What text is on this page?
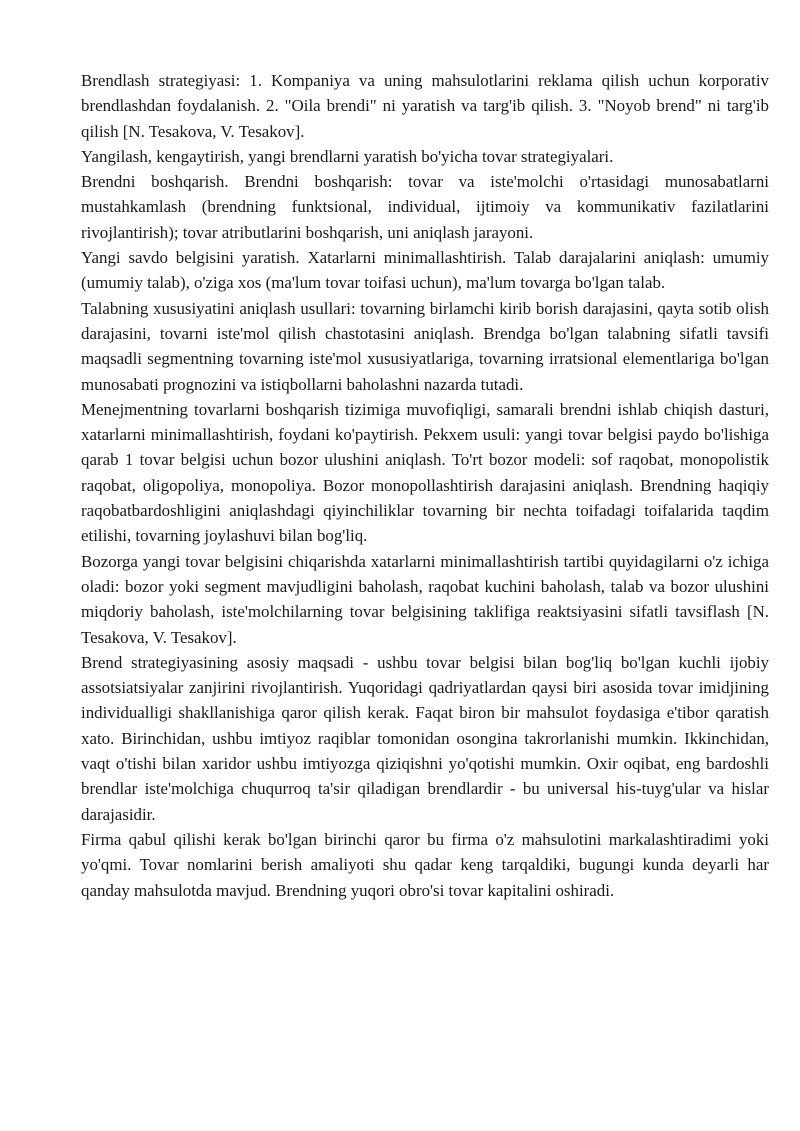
Brendlash strategiyasi: 1. Kompaniya va uning mahsulotlarini reklama qilish uchun korporativ brendlashdan foydalanish. 2. "Oila brendi" ni yaratish va targ'ib qilish. 3. "Noyob brend" ni targ'ib qilish [N. Tesakova, V. Tesakov].

Yangilash, kengaytirish, yangi brendlarni yaratish bo'yicha tovar strategiyalari.

Brendni boshqarish. Brendni boshqarish: tovar va iste'molchi o'rtasidagi munosabatlarni mustahkamlash (brendning funktsional, individual, ijtimoiy va kommunikativ fazilatlarini rivojlantirish); tovar atributlarini boshqarish, uni aniqlash jarayoni.

Yangi savdo belgisini yaratish. Xatarlarni minimallashtirish. Talab darajalarini aniqlash: umumiy (umumiy talab), o'ziga xos (ma'lum tovar toifasi uchun), ma'lum tovarga bo'lgan talab.

Talabning xususiyatini aniqlash usullari: tovarning birlamchi kirib borish darajasini, qayta sotib olish darajasini, tovarni iste'mol qilish chastotasini aniqlash. Brendga bo'lgan talabning sifatli tavsifi maqsadli segmentning tovarning iste'mol xususiyatlariga, tovarning irratsional elementlariga bo'lgan munosabati prognozini va istiqbollarni baholashni nazarda tutadi.

Menejmentning tovarlarni boshqarish tizimiga muvofiqligi, samarali brendni ishlab chiqish dasturi, xatarlarni minimallashtirish, foydani ko'paytirish. Pekxem usuli: yangi tovar belgisi paydo bo'lishiga qarab 1 tovar belgisi uchun bozor ulushini aniqlash. To'rt bozor modeli: sof raqobat, monopolistik raqobat, oligopoliya, monopoliya. Bozor monopollashtirish darajasini aniqlash. Brendning haqiqiy raqobatbardoshligini aniqlashdagi qiyinchiliklar tovarning bir nechta toifadagi toifalarida taqdim etilishi, tovarning joylashuvi bilan bog'liq.

Bozorga yangi tovar belgisini chiqarishda xatarlarni minimallashtirish tartibi quyidagilarni o'z ichiga oladi: bozor yoki segment mavjudligini baholash, raqobat kuchini baholash, talab va bozor ulushini miqdoriy baholash, iste'molchilarning tovar belgisining taklifiga reaktsiyasini sifatli tavsiflash [N. Tesakova, V. Tesakov].

Brend strategiyasining asosiy maqsadi - ushbu tovar belgisi bilan bog'liq bo'lgan kuchli ijobiy assotsiatsiyalar zanjirini rivojlantirish. Yuqoridagi qadriyatlardan qaysi biri asosida tovar imidjining individualligi shakllanishiga qaror qilish kerak. Faqat biron bir mahsulot foydasiga e'tibor qaratish xato. Birinchidan, ushbu imtiyoz raqiblar tomonidan osongina takrorlanishi mumkin. Ikkinchidan, vaqt o'tishi bilan xaridor ushbu imtiyozga qiziqishni yo'qotishi mumkin. Oxir oqibat, eng bardoshli brendlar iste'molchiga chuqurroq ta'sir qiladigan brendlardir - bu universal his-tuyg'ular va hislar darajasidir.

Firma qabul qilishi kerak bo'lgan birinchi qaror bu firma o'z mahsulotini markalashtiradimi yoki yo'qmi. Tovar nomlarini berish amaliyoti shu qadar keng tarqaldiki, bugungi kunda deyarli har qanday mahsulotda mavjud. Brendning yuqori obro'si tovar kapitalini oshiradi.
